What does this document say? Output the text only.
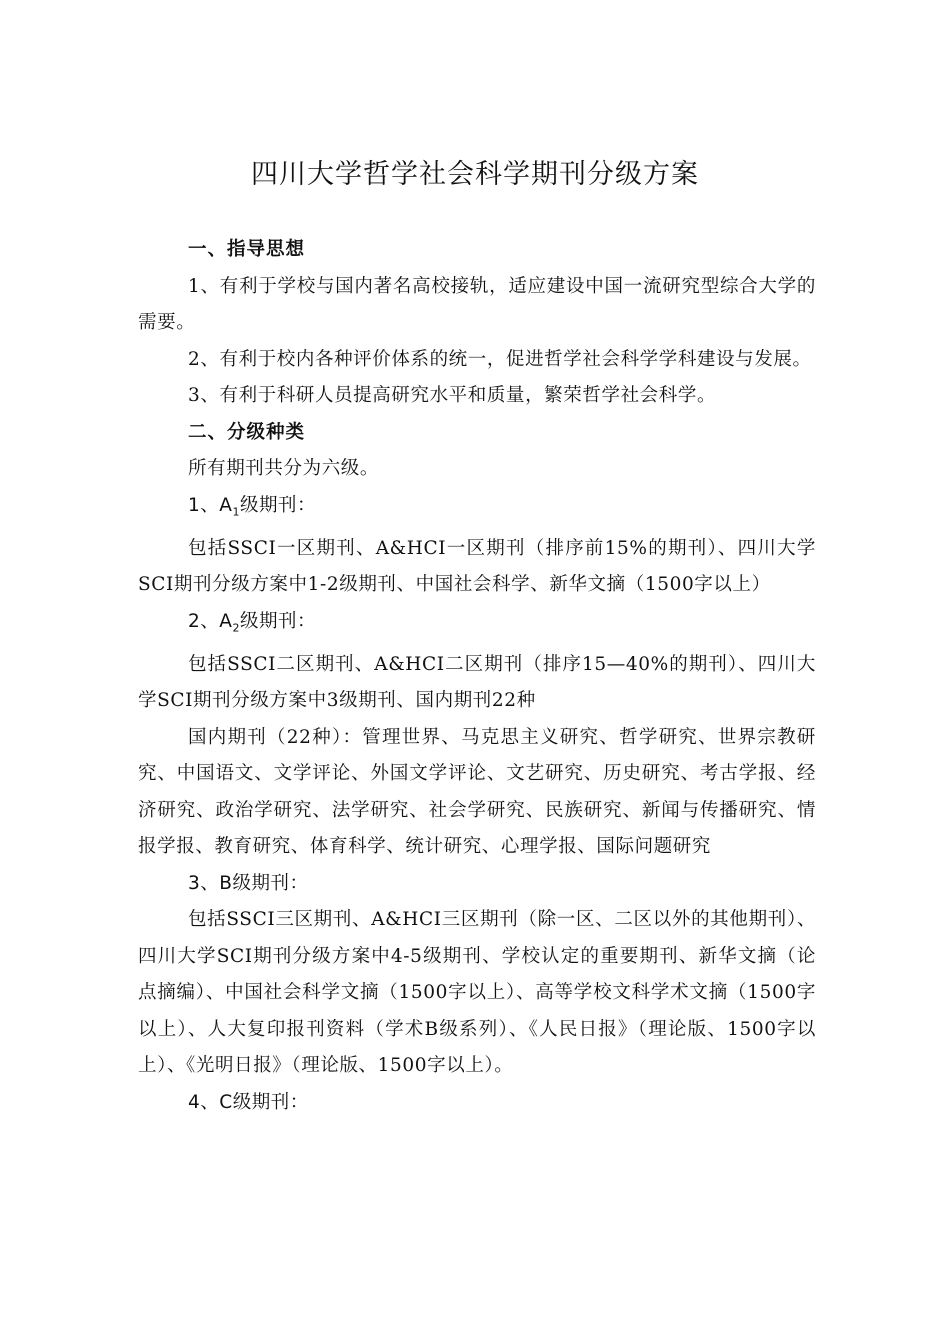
四川大学哲学社会科学期刊分级方案
一、指导思想

1、有利于学校与国内著名高校接轨，适应建设中国一流研究型综合大学的需要。

2、有利于校内各种评价体系的统一，促进哲学社会科学学科建设与发展。

3、有利于科研人员提高研究水平和质量，繁荣哲学社会科学。

二、分级种类

所有期刊共分为六级。

1、$A_1$级期刊：

包括SSCI一区期刊、A&HCI一区期刊（排序前15%的期刊）、四川大学SCI期刊分级方案中1-2级期刊、中国社会科学、新华文摘（1500字以上）

2、$A_2$级期刊：

包括SSCI二区期刊、A&HCI二区期刊（排序15—40%的期刊）、四川大学SCI期刊分级方案中3级期刊、国内期刊22种

国内期刊（22种）：管理世界、马克思主义研究、哲学研究、世界宗教研究、中国语文、文学评论、外国文学评论、文艺研究、历史研究、考古学报、经济研究、政治学研究、法学研究、社会学研究、民族研究、新闻与传播研究、情报学报、教育研究、体育科学、统计研究、心理学报、国际问题研究

3、B级期刊：

包括SSCI三区期刊、A&HCI三区期刊（除一区、二区以外的其他期刊）、四川大学SCI期刊分级方案中4-5级期刊、学校认定的重要期刊、新华文摘（论点摘编）、中国社会科学文摘（1500字以上）、高等学校文科学术文摘（1500字以上）、人大复印报刊资料（学术B级系列）、《人民日报》（理论版、1500字以上）、《光明日报》（理论版、1500字以上）。

4、C级期刊：
